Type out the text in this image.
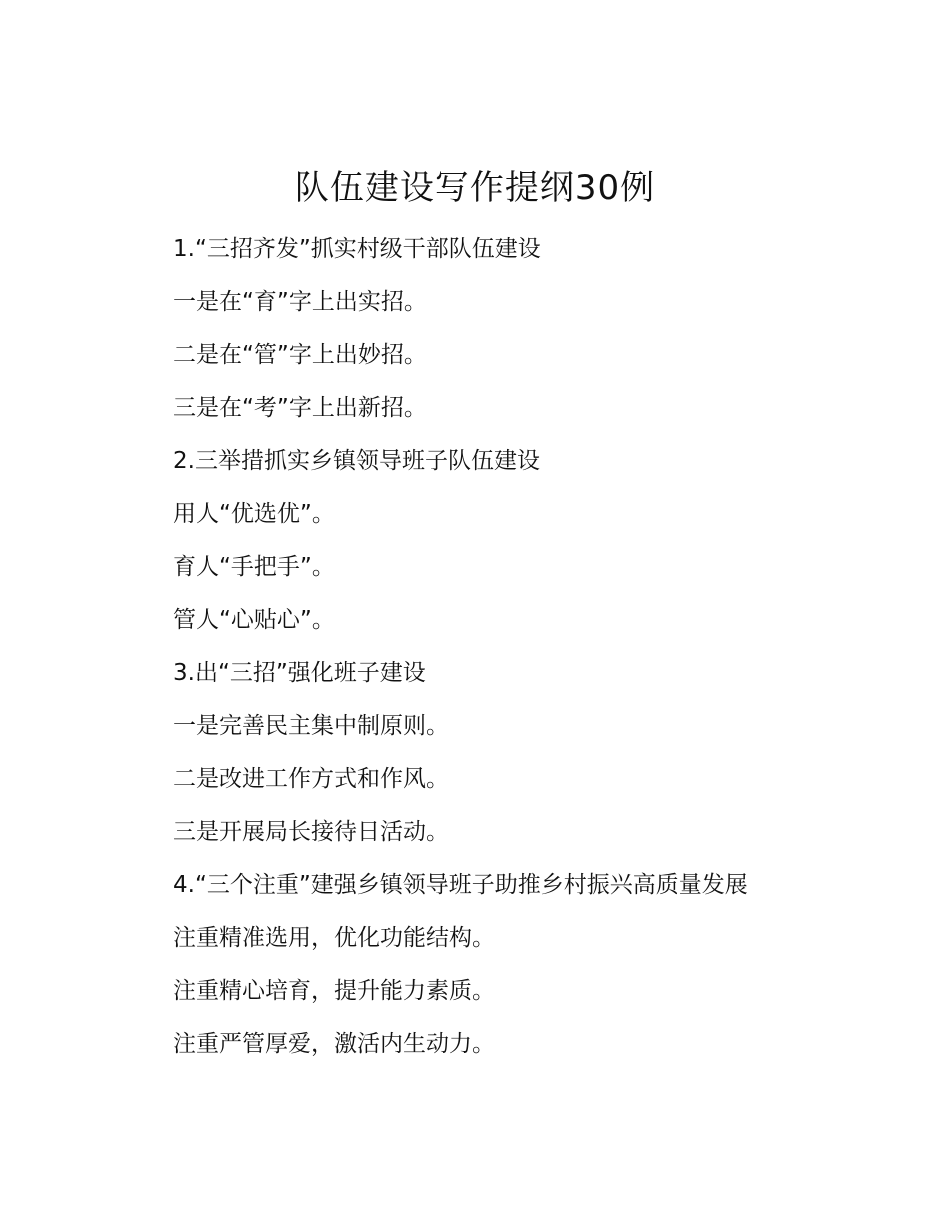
队伍建设写作提纲30例

1.“三招齐发”抓实村级干部队伍建设

一是在“育”字上出实招。

二是在“管”字上出妙招。

三是在“考”字上出新招。

2.三举措抓实乡镇领导班子队伍建设

用人“优选优”。

育人“手把手”。

管人“心贴心”。

3.出“三招”强化班子建设

一是完善民主集中制原则。

二是改进工作方式和作风。

三是开展局长接待日活动。

4.“三个注重”建强乡镇领导班子助推乡村振兴高质量发展

注重精准选用，优化功能结构。

注重精心培育，提升能力素质。

注重严管厚爱，激活内生动力。
